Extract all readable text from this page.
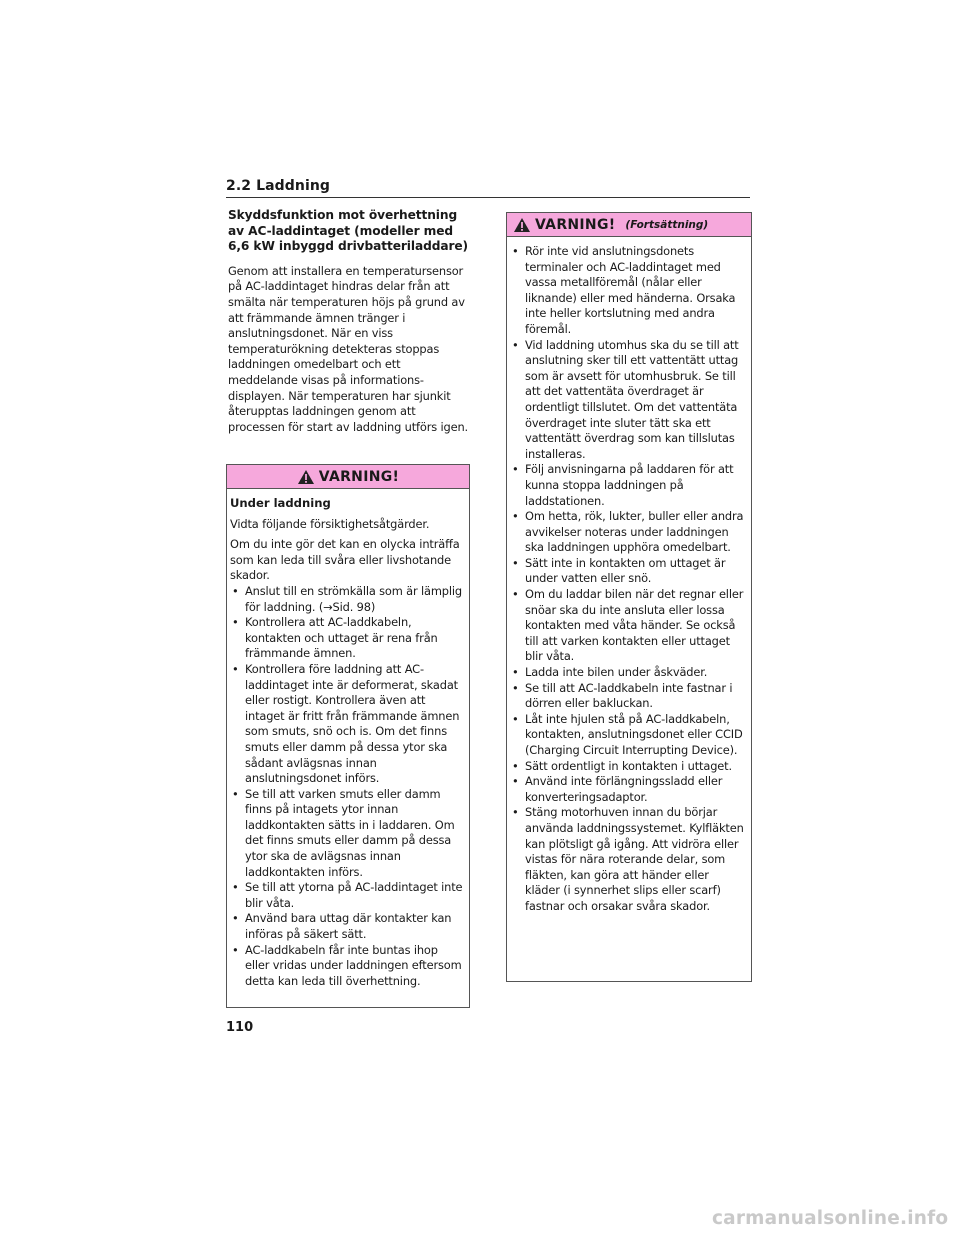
2.2 Laddning

Skyddsfunktion mot överhettning av AC-laddintaget (modeller med 6,6 kW inbyggd drivbatteriladdare)

Genom att installera en temperatursensor på AC-laddintaget hindras delar från att smälta när temperaturen höjs på grund av att främmande ämnen tränger i anslutningsdonet. När en viss temperaturökning detekteras stoppas laddningen omedelbart och ett meddelande visas på informations-displayen. När temperaturen har sjunkit återupptas laddningen genom att processen för start av laddning utförs igen.

VARNING!

Under laddning

Vidta följande försiktighetsåtgärder.

Om du inte gör det kan en olycka inträffa som kan leda till svåra eller livshotande skador.

• Anslut till en strömkälla som är lämplig för laddning. (→Sid. 98)
• Kontrollera att AC-laddkabeln, kontakten och uttaget är rena från främmande ämnen.
• Kontrollera före laddning att AC-laddintaget inte är deformerat, skadat eller rostigt. Kontrollera även att intaget är fritt från främmande ämnen som smuts, snö och is. Om det finns smuts eller damm på dessa ytor ska sådant avlägsnas innan anslutningsdonet införs.
• Se till att varken smuts eller damm finns på intagets ytor innan laddkontakten sätts in i laddaren. Om det finns smuts eller damm på dessa ytor ska de avlägsnas innan laddkontakten införs.
• Se till att ytorna på AC-laddintaget inte blir våta.
• Använd bara uttag där kontakter kan införas på säkert sätt.
• AC-laddkabeln får inte buntas ihop eller vridas under laddningen eftersom detta kan leda till överhettning.
VARNING! (Fortsättning)
• Rör inte vid anslutningsdonets terminaler och AC-laddintaget med vassa metallföremål (nålar eller liknande) eller med händerna. Orsaka inte heller kortslutning med andra föremål.
• Vid laddning utomhus ska du se till att anslutning sker till ett vattentätt uttag som är avsett för utomhusbruk. Se till att det vattentäta överdraget är ordentligt tillslutet. Om det vattentäta överdraget inte sluter tätt ska ett vattentätt överdrag som kan tillslutas installeras.
• Följ anvisningarna på laddaren för att kunna stoppa laddningen på laddstationen.
• Om hetta, rök, lukter, buller eller andra avvikelser noteras under laddningen ska laddningen upphöra omedelbart.
• Sätt inte in kontakten om uttaget är under vatten eller snö.
• Om du laddar bilen när det regnar eller snöar ska du inte ansluta eller lossa kontakten med våta händer. Se också till att varken kontakten eller uttaget blir våta.
• Ladda inte bilen under åskväder.
• Se till att AC-laddkabeln inte fastnar i dörren eller bakluckan.
• Låt inte hjulen stå på AC-laddkabeln, kontakten, anslutningsdonet eller CCID (Charging Circuit Interrupting Device).
• Sätt ordentligt in kontakten i uttaget.
• Använd inte förlängningssladd eller konverteringsadaptor.
• Stäng motorhuven innan du börjar använda laddningssystemet. Kylfläkten kan plötsligt gå igång. Att vidröra eller vistas för nära roterande delar, som fläkten, kan göra att händer eller kläder (i synnerhet slips eller scarf) fastnar och orsakar svåra skador.
110
carmanualsonline.info
